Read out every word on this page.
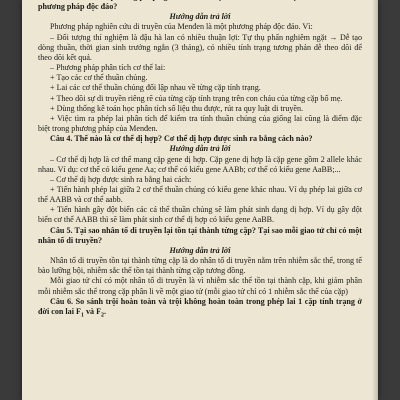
phương pháp độc đáo?

Hướng dẫn trả lời

Phương pháp nghiên cứu di truyền của Menđen là một phương pháp độc đáo. Vì:

– Đối tượng thí nghiệm là đậu hà lan có nhiều thuận lợi: Tự thụ phấn nghiêm ngặt → Dễ tạo dòng thuần, thời gian sinh trưởng ngắn (3 tháng), có nhiều tính trạng tương phản dễ theo dõi để theo dõi kết quả.

– Phương pháp phân tích cơ thể lai:

+ Tạo các cơ thể thuần chủng.

+ Lai các cơ thể thuần chủng đối lập nhau về từng cặp tính trạng.

+ Theo dõi sự di truyền riêng rẽ của từng cặp tính trạng trên con cháu của từng cặp bố mẹ.

+ Dùng thống kê toán học phân tích số liệu thu được, rút ra quy luật di truyền.

+ Việc tìm ra phép lai phân tích để kiểm tra tính thuần chủng của giống lai cũng là điểm đặc biệt trong phương pháp của Menđen.

Câu 4. Thế nào là cơ thể dị hợp? Cơ thể dị hợp được sinh ra bằng cách nào?

Hướng dẫn trả lời

– Cơ thể dị hợp là cơ thể mang cặp gene dị hợp. Cặp gene dị hợp là cặp gene gồm 2 allele khác nhau. Ví dụ: cơ thể có kiểu gene Aa; cơ thể có kiểu gene AABb; cơ thể có kiểu gene AaBB;...

– Cơ thể dị hợp được sinh ra bằng hai cách:

+ Tiến hành phép lai giữa 2 cơ thể thuần chủng có kiểu gene khác nhau. Ví dụ phép lai giữa cơ thể AABB và cơ thể aabb.

+ Tiến hành gây đột biến các cá thể thuần chủng sẽ làm phát sinh dạng dị hợp. Ví dụ gây đột biến cơ thể AABB thì sẽ làm phát sinh cơ thể dị hợp có kiểu gene AaBB.

Câu 5. Tại sao nhân tố di truyền lại tồn tại thành từng cặp? Tại sao mỗi giao tử chỉ có một nhân tố di truyền?

Hướng dẫn trả lời

Nhân tố di truyền tồn tại thành từng cặp là do nhân tố di truyền nằm trên nhiễm sắc thể, trong tế bào lưỡng bội, nhiễm sắc thể tồn tại thành từng cặp tương đồng.

Mỗi giao tử chỉ có một nhân tố di truyền là vì nhiễm sắc thể tồn tại thành cặp, khi giảm phân mỗi nhiễm sắc thể trong cặp phân li về một giao tử (mỗi giao tử chỉ có 1 nhiễm sắc thể của cặp)

Câu 6. So sánh trội hoàn toàn và trội không hoàn toàn trong phép lai 1 cặp tính trạng ở đời con lai $F_1$ và $F_2$.
